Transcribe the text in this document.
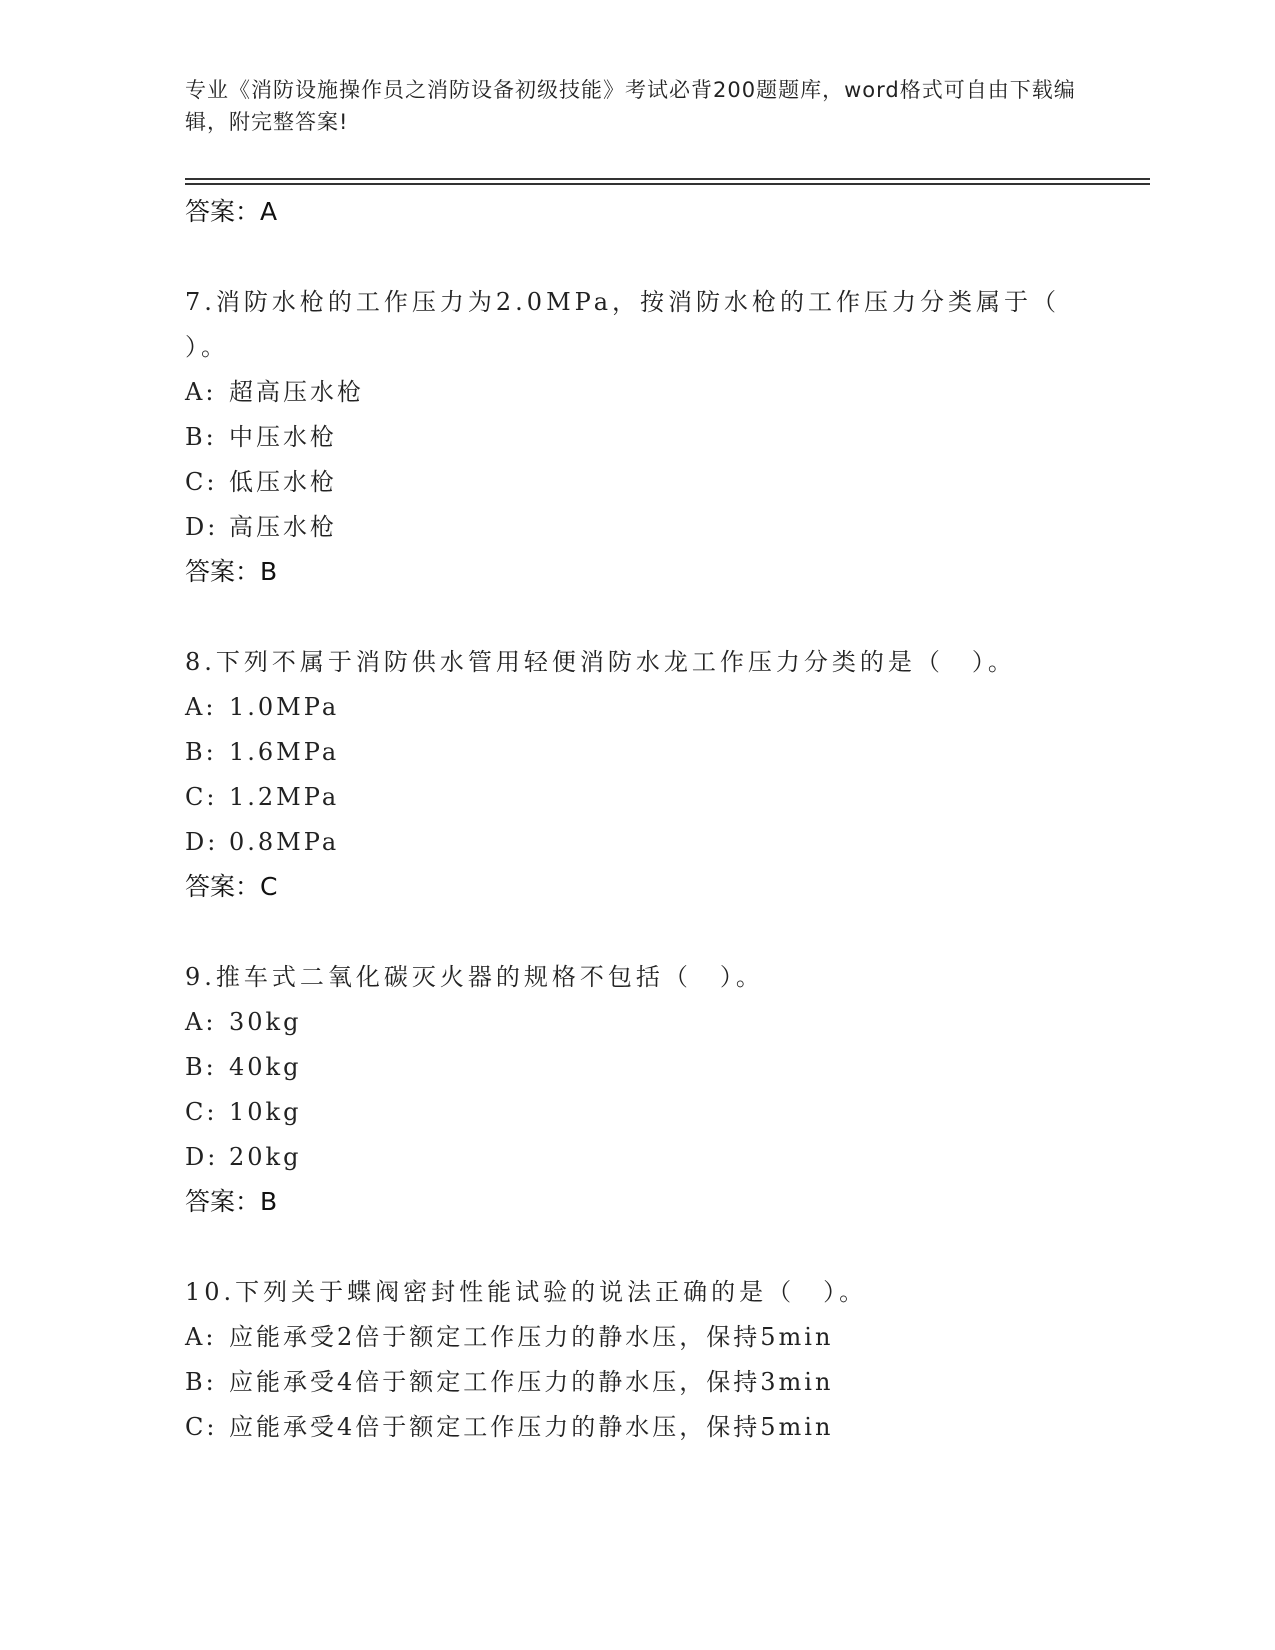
专业《消防设施操作员之消防设备初级技能》考试必背200题题库，word格式可自由下载编辑，附完整答案!

答案：A

7.消防水枪的工作压力为2.0MPa，按消防水枪的工作压力分类属于（　　）。

A: 超高压水枪

B: 中压水枪

C: 低压水枪

D: 高压水枪

答案：B

8.下列不属于消防供水管用轻便消防水龙工作压力分类的是（　）。

A: 1.0MPa

B: 1.6MPa

C: 1.2MPa

D: 0.8MPa

答案：C

9.推车式二氧化碳灭火器的规格不包括（　）。

A: 30kg

B: 40kg

C: 10kg

D: 20kg

答案：B

10.下列关于蝶阀密封性能试验的说法正确的是（　）。

A: 应能承受2倍于额定工作压力的静水压，保持5min

B: 应能承受4倍于额定工作压力的静水压，保持3min

C: 应能承受4倍于额定工作压力的静水压，保持5min
